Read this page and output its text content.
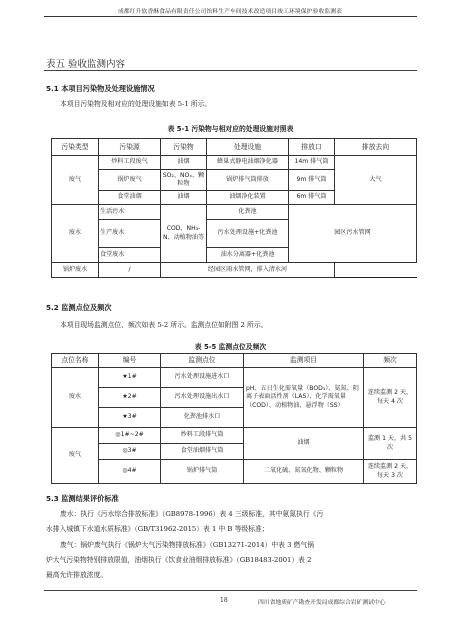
成都红升软香酥食品有限责任公司饴料生产车间技术改造项目竣工环境保护验收监测表
表五 验收监测内容
5.1 本项目污染物及处理设施情况
本项目污染物及相对应的处理设施如表 5-1 所示。
表 5-1 污染物与相对应的处理设施对照表
污染类型	污染源	污染物	处理设施	排放口	排放去向
废气	炒料工段废气	油烟	蜂巢式静电油烟净化器	14m 排气筒	大气
	锅炉废气	SO₂、NOₓ、颗粒物	锅炉排气筒排放	9m 排气筒	
	食堂油烟	油烟	油烟净化装置	6m 排气筒	
废水	生活污水	COD、NH₃-N、动植物油等	化粪池	园区污水管网	
	生产废水		污水处理设施+化粪池		

	食堂废水		油水分离器+化粪池		
锅炉废水	/	经园区雨水管网，排入清水河			
5.2 监测点位及频次
本项目现场监测点位、频次如表 5-2 所示。监测点位如附图 2 所示。
表 5-5 监测点位及频次
点位名称	编号	监测点位	监测项目	频次
废水	★1#	污水处理设施进水口	pH、五日生化需氧量（BOD₅）、氨氮、阴离子表面活性剂（LAS）、化学需氧量（COD）、动植物油、悬浮物（SS）	连续监测 2 天，每天 4 次
	★2#	污水处理设施出水口		
	★3#	化粪池排水口		
废气	◎1#~2#	炒料工段排气筒	油烟	监测 1 天，共 5 次
	◎3#	食堂油烟排气筒		
	◎4#	锅炉排气筒	二氧化硫、氮氧化物、颗粒物	连续监测 2 天，每天 3 次
5.3 监测结果评价标准
废水：执行《污水综合排放标准》（GB8978-1996）表 4 三级标准，其中氨氮执行《污
水排入城镇下水道水质标准》（GB/T31962-2015）表 1 中 B 等级标准；
废气：锅炉废气执行《锅炉大气污染物排放标准》（GB13271-2014）中表 3 燃气锅
炉大气污染物特别排放限值，油烟执行《饮食业油烟排放标准》（GB18483-2001）表 2
最高允许排放浓度。
18	四川省地质矿产勘查开发局成都综合岩矿测试中心
